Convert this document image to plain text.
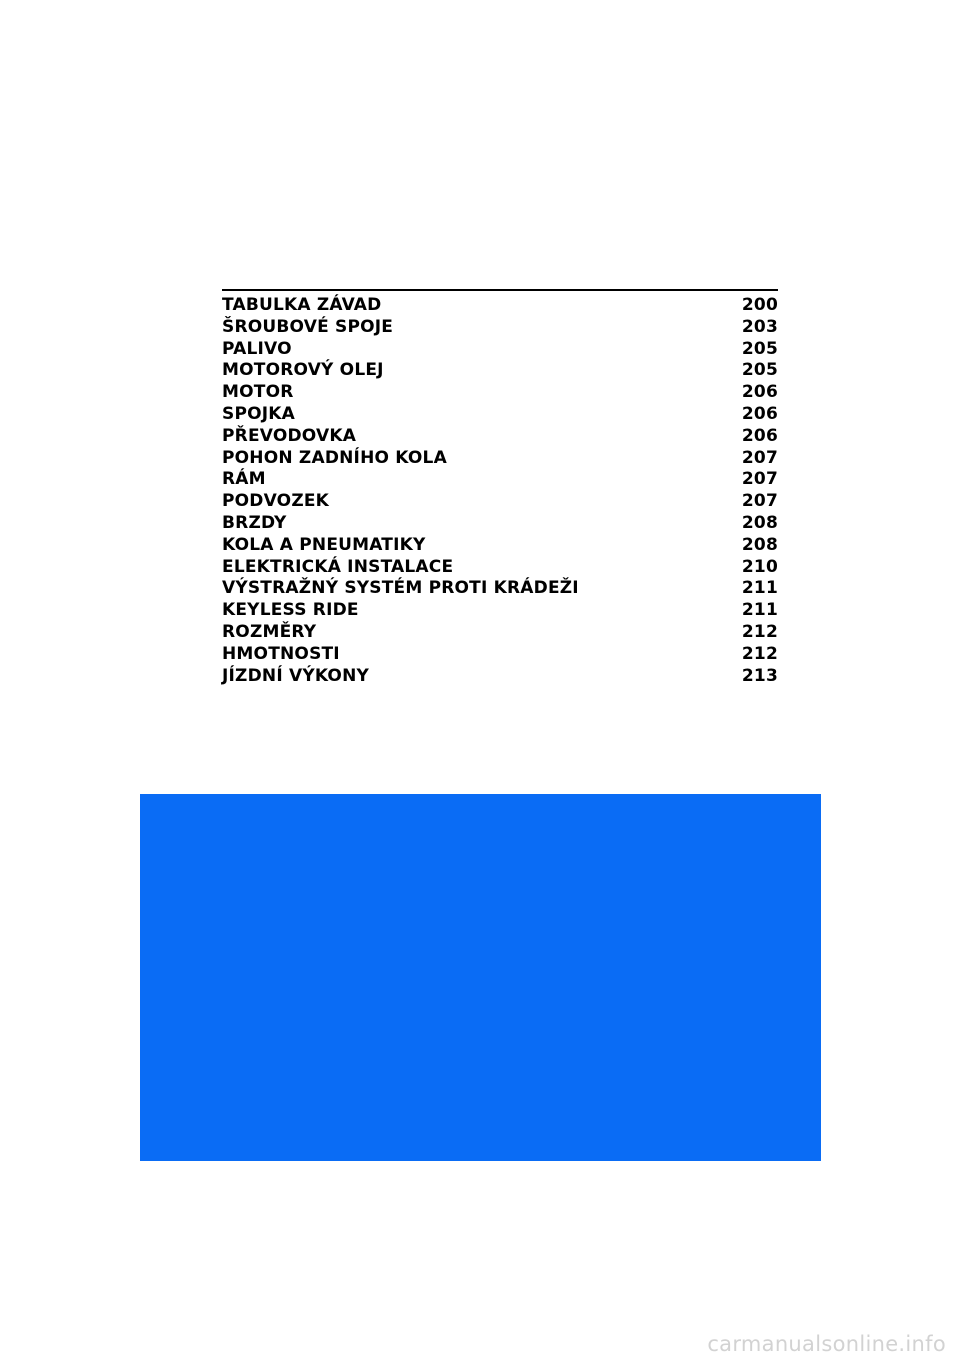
TABULKA ZÁVAD	200
ŠROUBOVÉ SPOJE	203
PALIVO	205
MOTOROVÝ OLEJ	205
MOTOR	206
SPOJKA	206
PŘEVODOVKA	206
POHON ZADNÍHO KOLA	207
RÁM	207
PODVOZEK	207
BRZDY	208
KOLA A PNEUMATIKY	208
ELEKTRICKÁ INSTALACE	210
VÝSTRAŽNÝ SYSTÉM PROTI KRÁDEŽI	211
KEYLESS RIDE	211
ROZMĚRY	212
HMOTNOSTI	212
JÍZDNÍ VÝKONY	213
carmanualsonline.info
